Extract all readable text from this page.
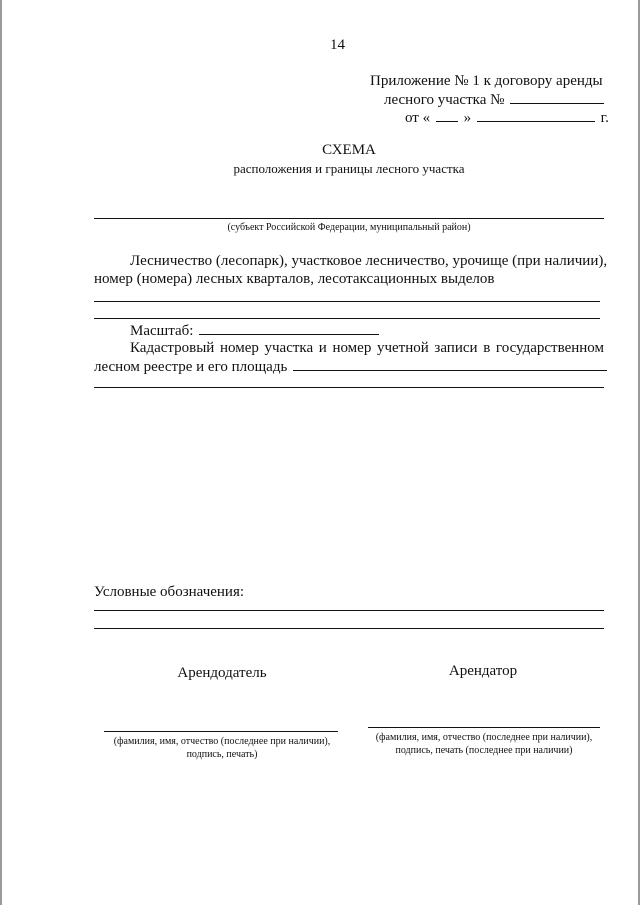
14
Приложение № 1 к договору аренды
лесного участка №
от « »	г.
СХЕМА
расположения и границы лесного участка
(субъект Российской Федерации, муниципальный район)
Лесничество (лесопарк), участковое лесничество, урочище (при наличии),
номер (номера) лесных кварталов, лесотаксационных выделов
Масштаб:
Кадастровый номер участка и номер учетной записи в государственном
лесном реестре и его площадь
Условные обозначения:
Арендодатель	Арендатор
(фамилия, имя, отчество (последнее при наличии),
подпись, печать)
(фамилия, имя, отчество (последнее при наличии),
подпись, печать (последнее при наличии)
